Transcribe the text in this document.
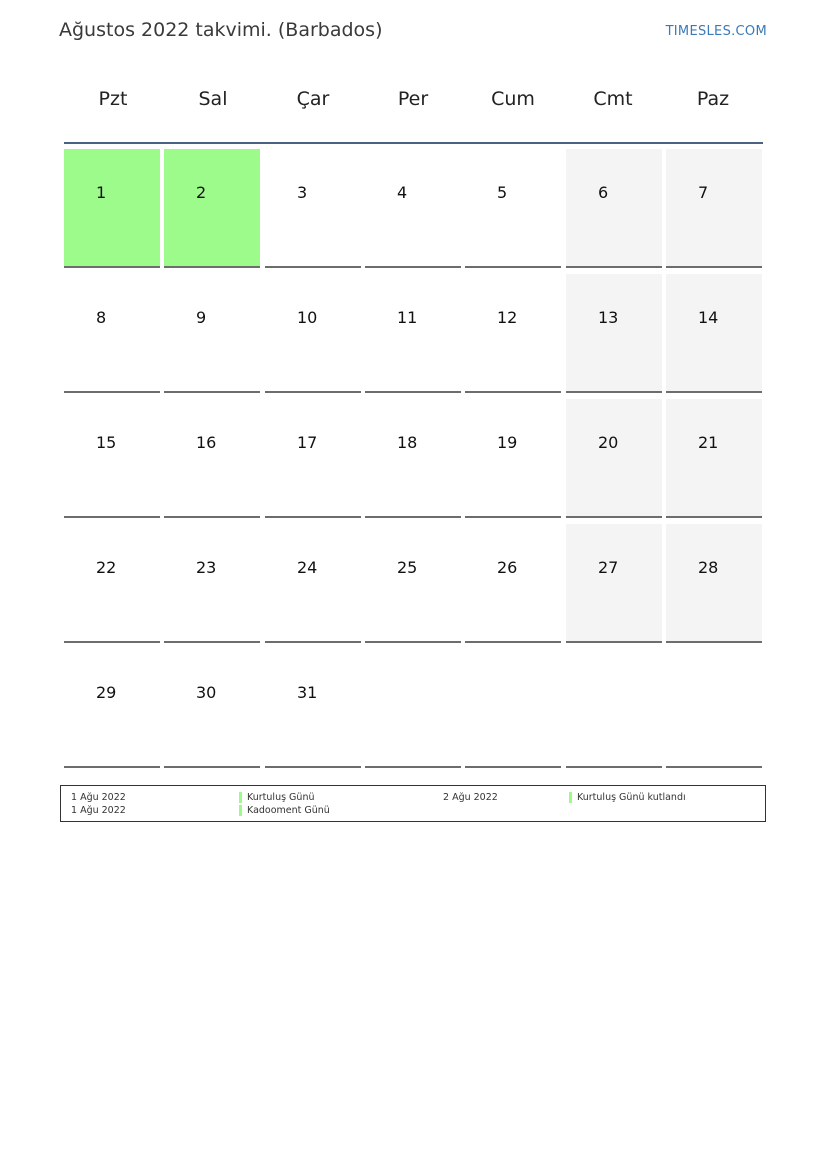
Ağustos 2022 takvimi. (Barbados)	TIMESLES.COM
Pzt	Sal	Çar	Per	Cum	Cmt	Paz
1	2	3	4	5	6	7
8	9	10	11	12	13	14
15	16	17	18	19	20	21
22	23	24	25	26	27	28
29	30	31
1 Ağu 2022	Kurtuluş Günü
1 Ağu 2022	Kadooment Günü
2 Ağu 2022	Kurtuluş Günü kutlandı
